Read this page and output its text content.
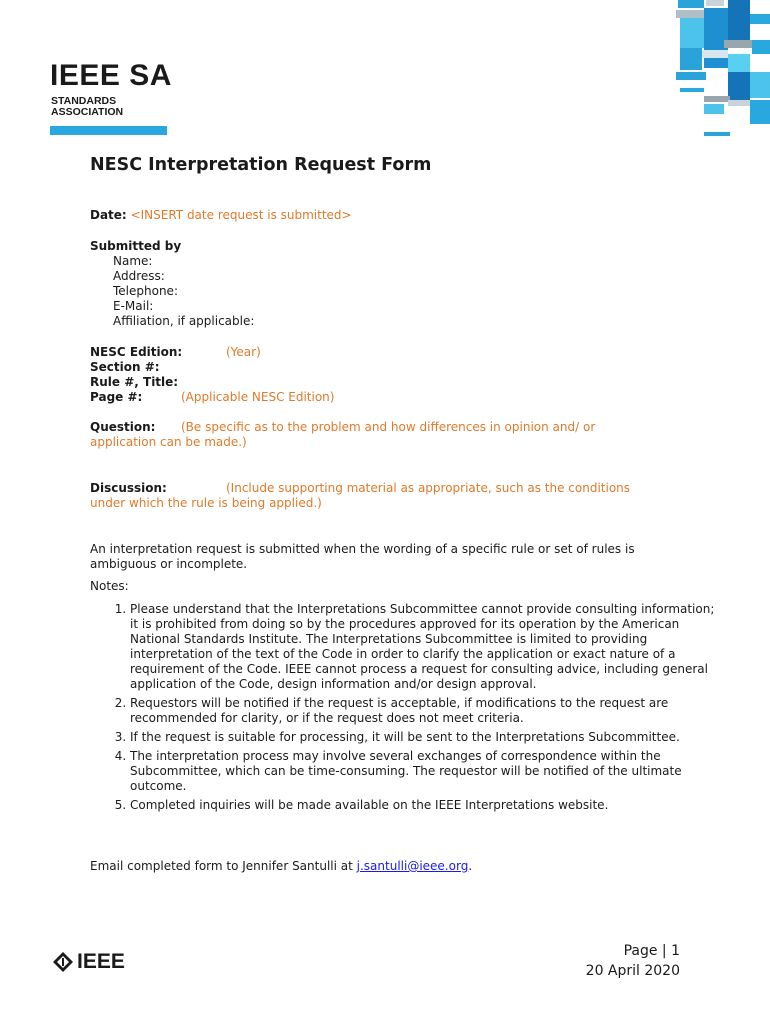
IEEE SA
STANDARDS
ASSOCIATION
NESC Interpretation Request Form
Date: <INSERT date request is submitted>
Submitted by
Name:
Address:
Telephone:
E-Mail:
Affiliation, if applicable:
NESC Edition:	(Year)
Section #:
Rule #, Title:
Page #:	(Applicable NESC Edition)
Question: (Be specific as to the problem and how differences in opinion and/ or
application can be made.)
Discussion:	(Include supporting material as appropriate, such as the conditions
under which the rule is being applied.)
An interpretation request is submitted when the wording of a specific rule or set of rules is ambiguous or incomplete.
Notes:
1. Please understand that the Interpretations Subcommittee cannot provide consulting information; it is prohibited from doing so by the procedures approved for its operation by the American National Standards Institute. The Interpretations Subcommittee is limited to providing interpretation of the text of the Code in order to clarify the application or exact nature of a requirement of the Code. IEEE cannot process a request for consulting advice, including general application of the Code, design information and/or design approval.
2. Requestors will be notified if the request is acceptable, if modifications to the request are recommended for clarity, or if the request does not meet criteria.
3. If the request is suitable for processing, it will be sent to the Interpretations Subcommittee.
4. The interpretation process may involve several exchanges of correspondence within the Subcommittee, which can be time-consuming. The requestor will be notified of the ultimate outcome.
5. Completed inquiries will be made available on the IEEE Interpretations website.
Email completed form to Jennifer Santulli at j.santulli@ieee.org.
IEEE	Page | 1
20 April 2020
